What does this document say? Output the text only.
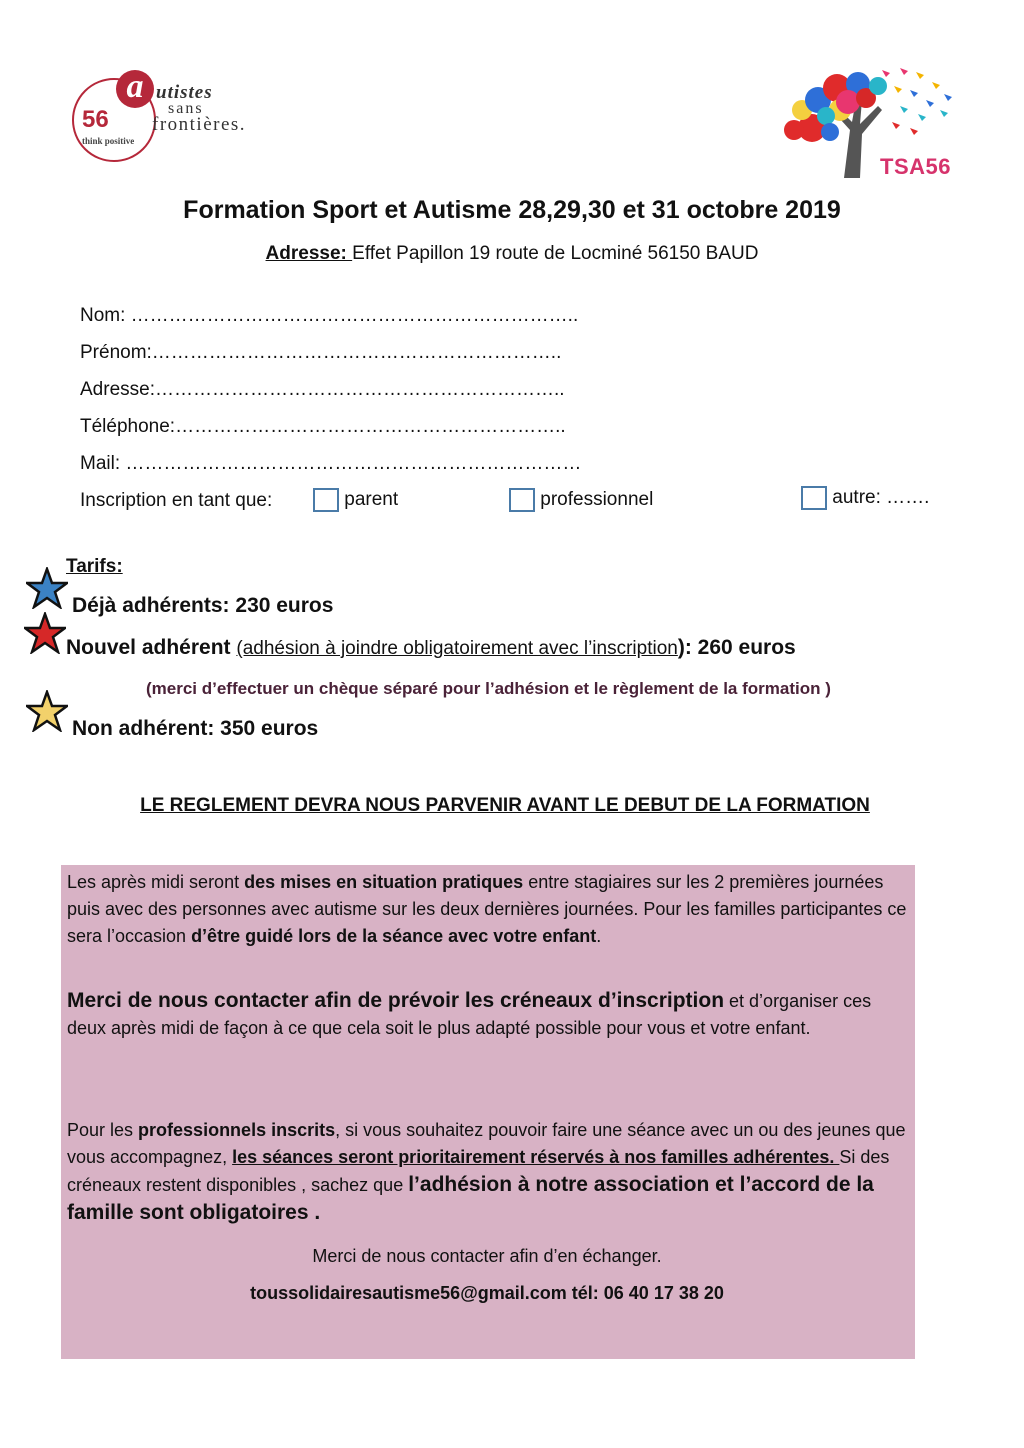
a
56
think positive
utistes
sans
frontières.
TSA56
Formation Sport et Autisme 28,29,30 et 31 octobre 2019
Adresse: Effet Papillon 19 route de Locminé 56150 BAUD
Nom: ……………………………………………………………..
Prénom:………………………………………………………..
Adresse:………………………………………………………..
Téléphone:……………………………………………………..
Mail: ………………………………………………………………
Inscription en tant que:	parent	professionnel	autre: …….
Tarifs:
Déjà adhérents: 230 euros
Nouvel adhérent (adhésion à joindre obligatoirement avec l’inscription): 260 euros
(merci d’effectuer un chèque séparé pour l’adhésion et le règlement de la formation )
Non adhérent: 350 euros
LE REGLEMENT DEVRA NOUS PARVENIR AVANT LE DEBUT DE LA FORMATION
Les après midi seront des mises en situation pratiques entre stagiaires sur les 2 premières journées puis avec des personnes avec autisme sur les deux dernières journées. Pour les familles participantes ce sera l’occasion d’être guidé lors de la séance avec votre enfant.
Merci de nous contacter afin de prévoir les créneaux d’inscription et d’organiser ces deux après midi de façon à ce que cela soit le plus adapté possible pour vous et votre enfant.
Pour les professionnels inscrits, si vous souhaitez pouvoir faire une séance avec un ou des jeunes que vous accompagnez, les séances seront prioritairement réservés à nos familles adhérentes. Si des créneaux restent disponibles , sachez que l’adhésion à notre association et l’accord de la famille sont obligatoires .
Merci de nous contacter afin d’en échanger.
toussolidairesautisme56@gmail.com tél: 06 40 17 38 20
